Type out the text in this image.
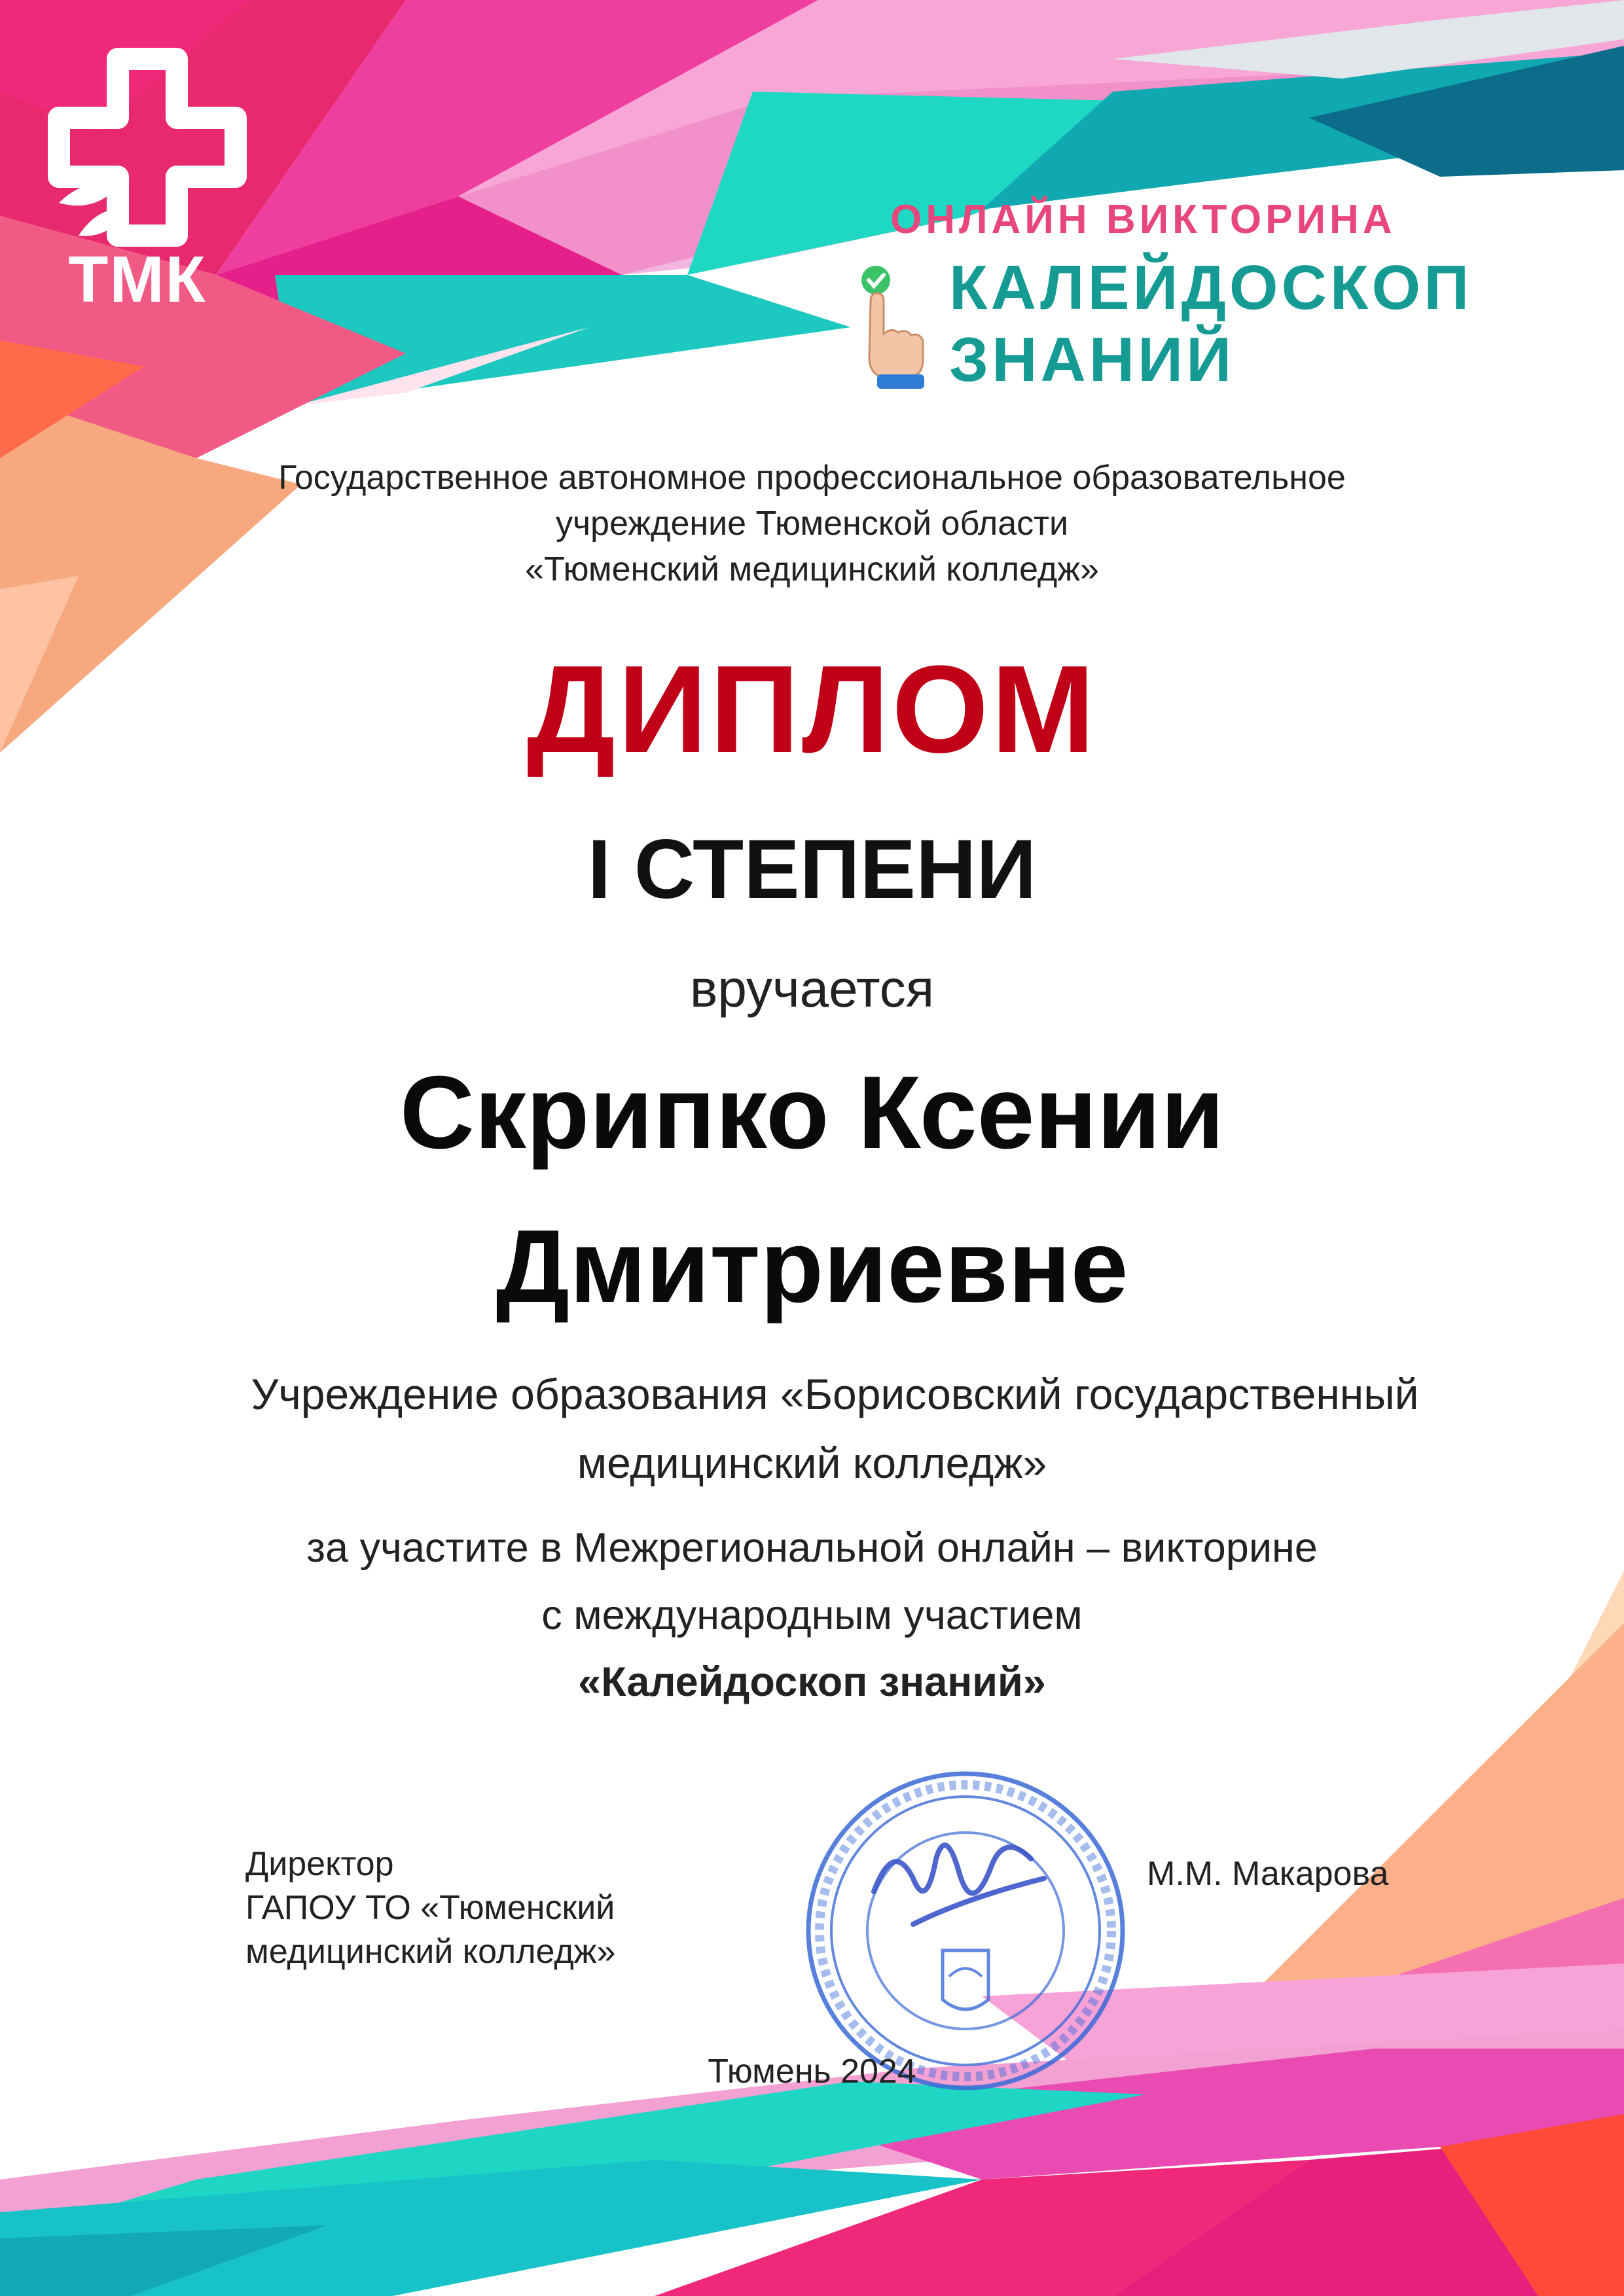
ТМК
ОНЛАЙН ВИКТОРИНА
КАЛЕЙДОСКОП
ЗНАНИЙ
Государственное автономное профессиональное образовательное
учреждение Тюменской области
«Тюменский медицинский колледж»
ДИПЛОМ
I СТЕПЕНИ
вручается
Скрипко Ксении
Дмитриевне
Учреждение образования «Борисовский государственный
медицинский колледж»
за участите в Межрегиональной онлайн – викторине
с международным участием
«Калейдоскоп знаний»
Директор
ГАПОУ ТО «Тюменский
медицинский колледж»
М.М. Макарова
Тюмень 2024
